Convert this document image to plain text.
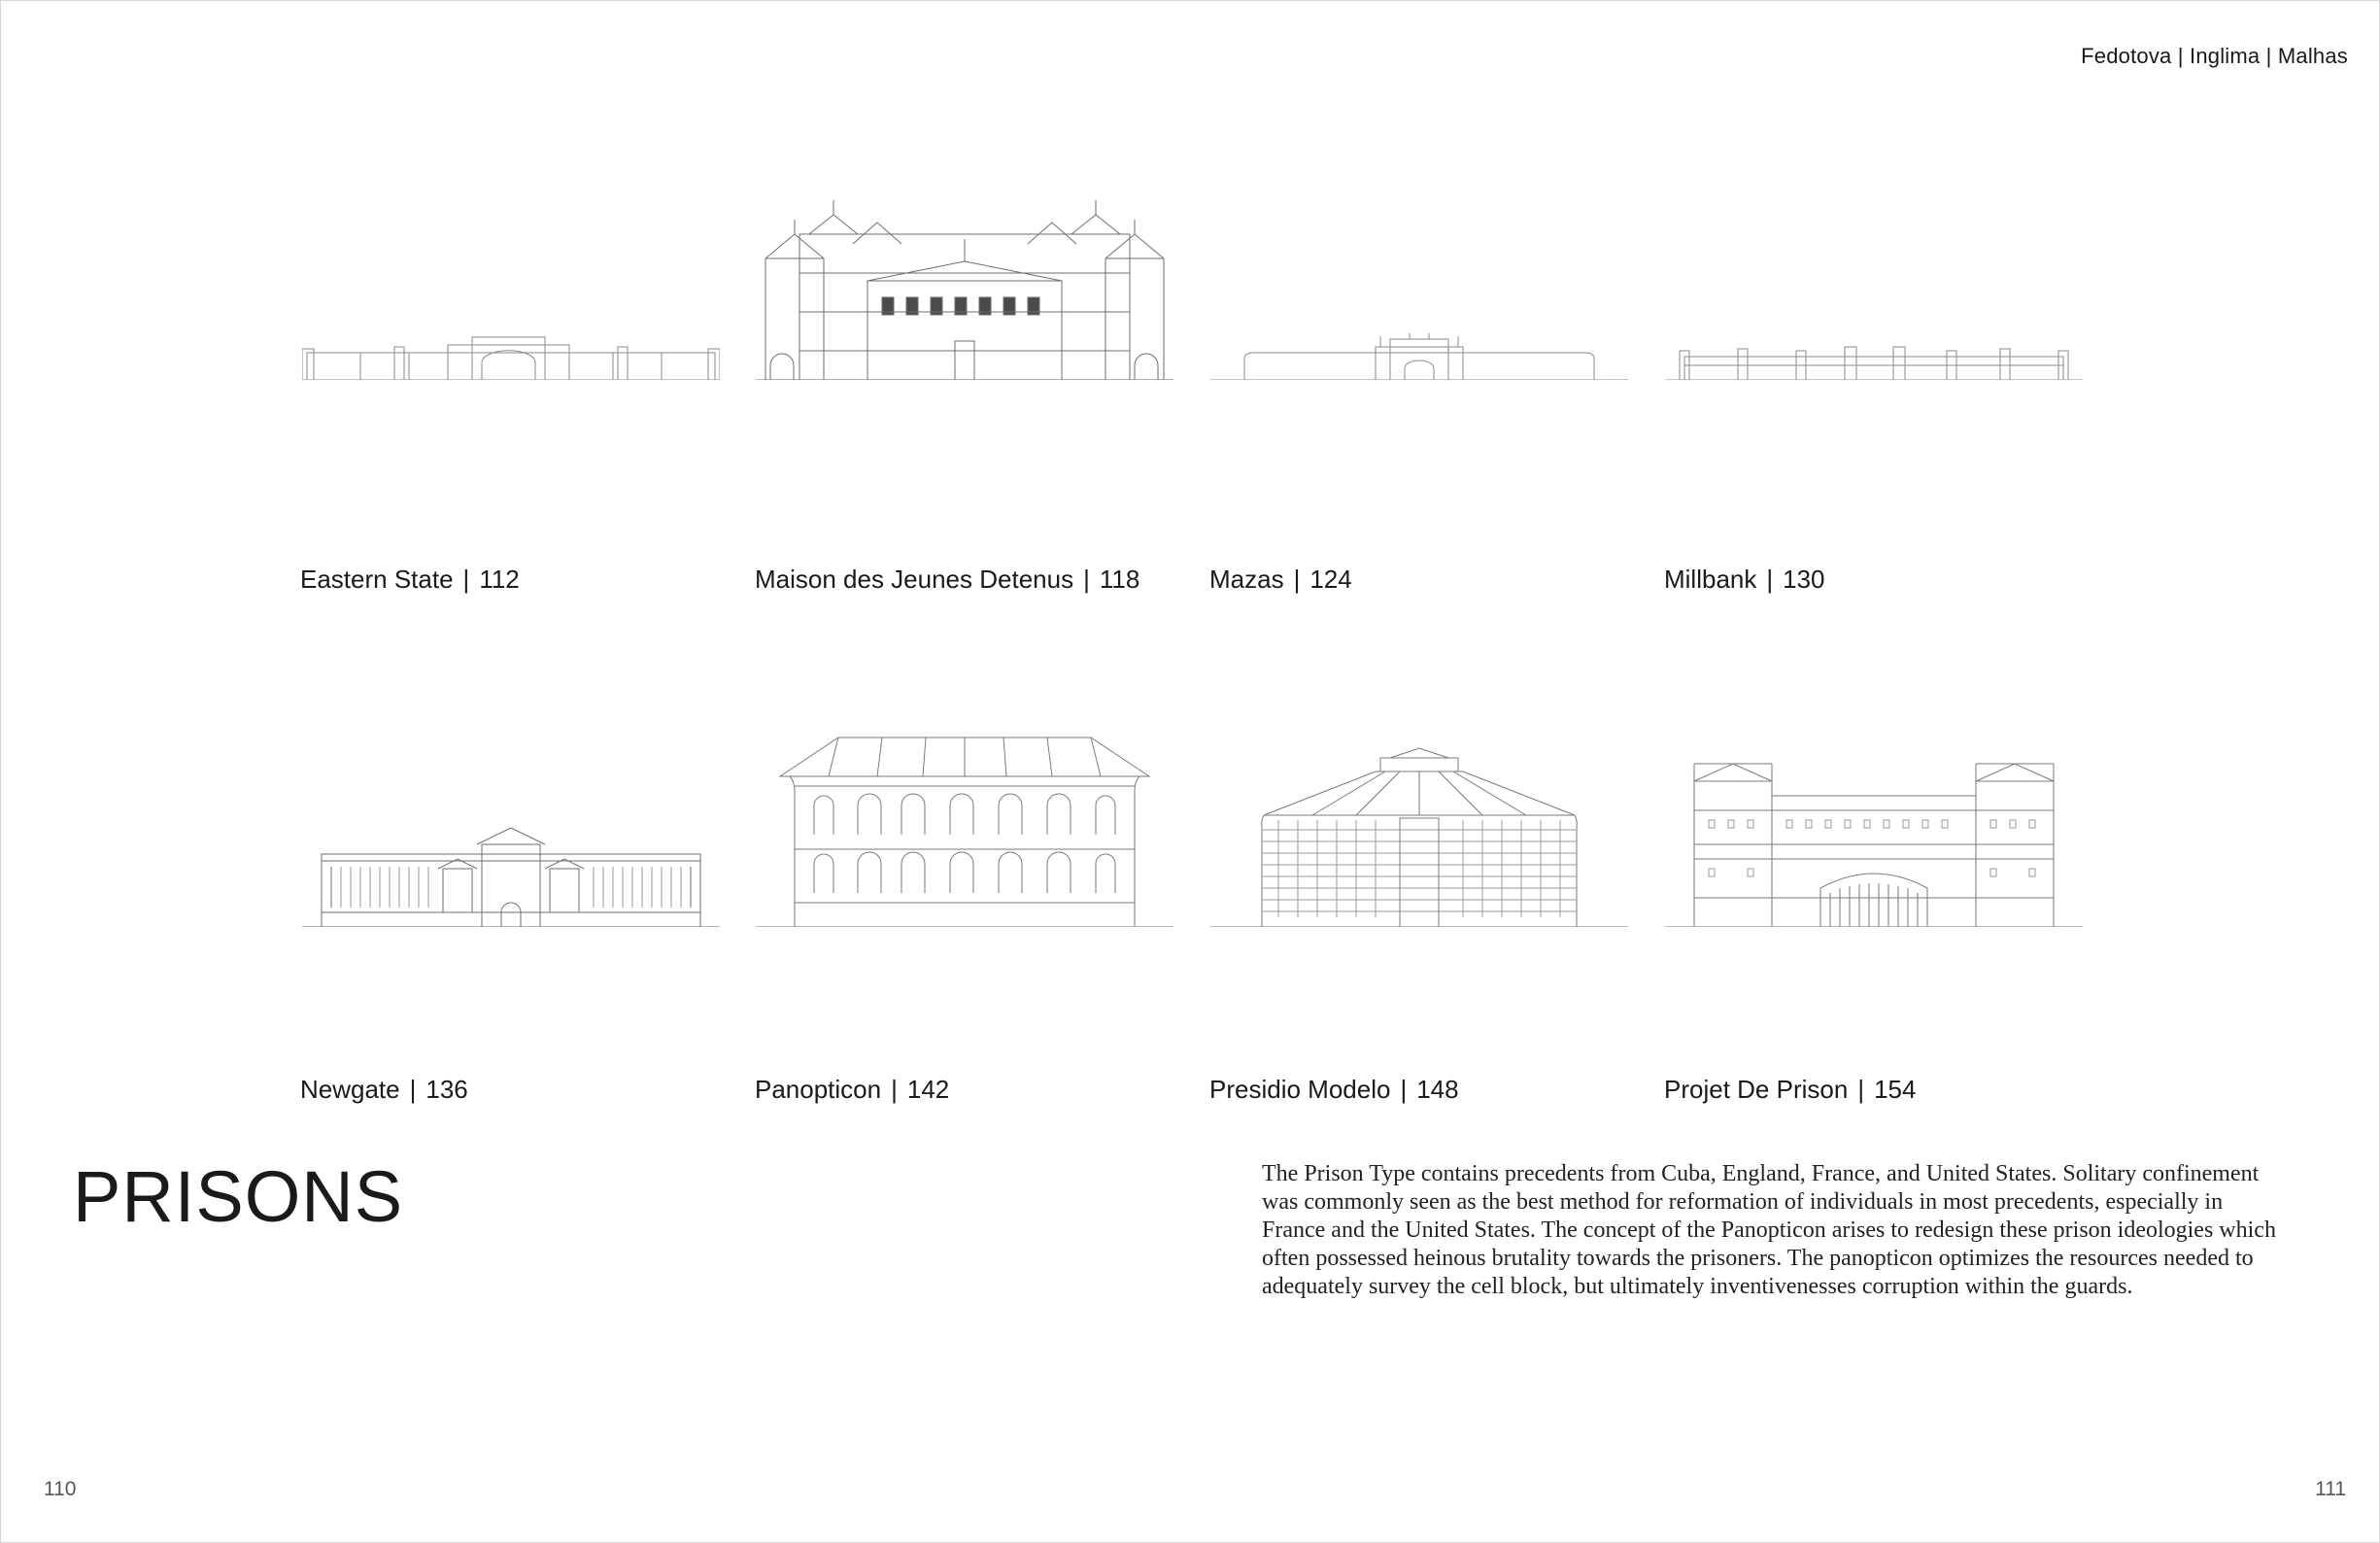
Fedotova | Inglima | Malhas
Eastern State | 112	Maison des Jeunes Detenus | 118	Mazas | 124	Millbank | 130
Newgate | 136	Panopticon | 142	Presidio Modelo | 148	Projet De Prison | 154
PRISONS	The Prison Type contains precedents from Cuba, England, France, and United States. Solitary confinement was commonly seen as the best method for reformation of individuals in most precedents, especially in France and the United States. The concept of the Panopticon arises to redesign these prison ideologies which often possessed heinous brutality towards the prisoners. The panopticon optimizes the resources needed to adequately survey the cell block, but ultimately inventivenesses corruption within the guards.
110	111
